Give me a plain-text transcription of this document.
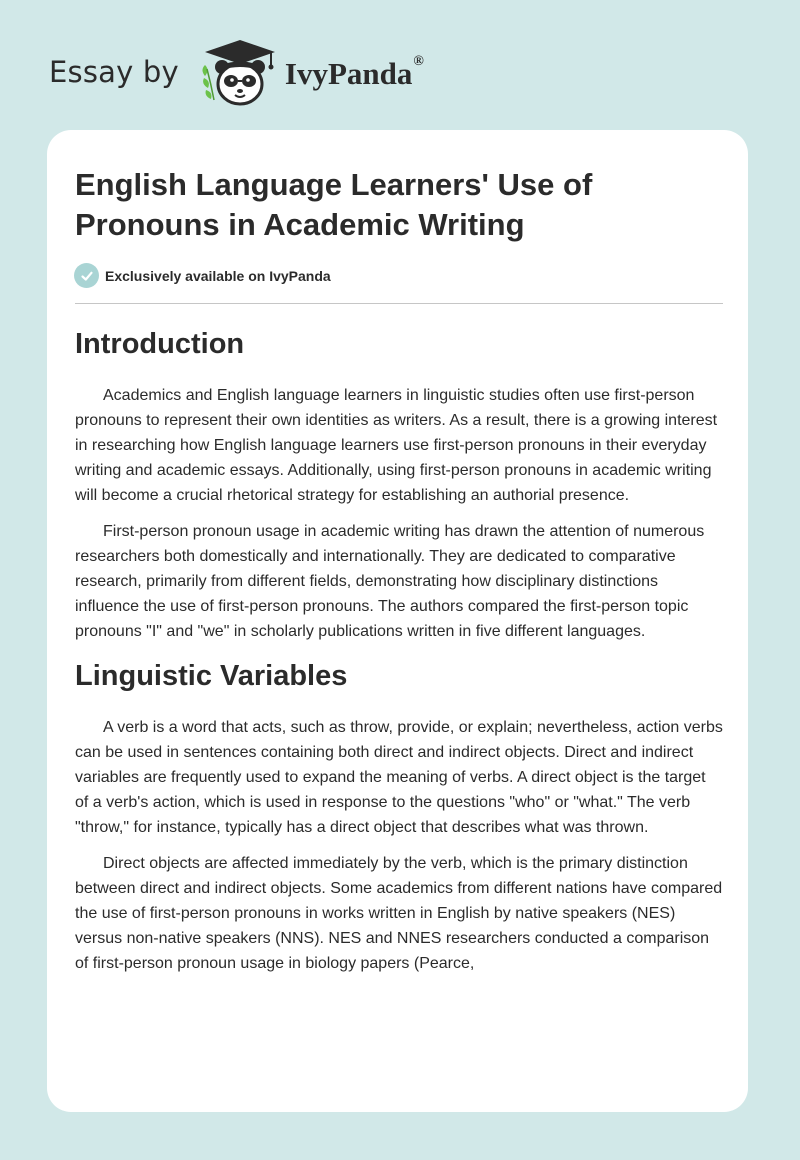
Essay by	IvyPanda®
English Language Learners' Use of Pronouns in Academic Writing
Exclusively available on IvyPanda
Introduction

Academics and English language learners in linguistic studies often use first-person pronouns to represent their own identities as writers. As a result, there is a growing interest in researching how English language learners use first-person pronouns in their everyday writing and academic essays. Additionally, using first-person pronouns in academic writing will become a crucial rhetorical strategy for establishing an authorial presence.

First-person pronoun usage in academic writing has drawn the attention of numerous researchers both domestically and internationally. They are dedicated to comparative research, primarily from different fields, demonstrating how disciplinary distinctions influence the use of first-person pronouns. The authors compared the first-person topic pronouns "I" and "we" in scholarly publications written in five different languages.

Linguistic Variables

A verb is a word that acts, such as throw, provide, or explain; nevertheless, action verbs can be used in sentences containing both direct and indirect objects. Direct and indirect variables are frequently used to expand the meaning of verbs. A direct object is the target of a verb's action, which is used in response to the questions "who" or "what." The verb "throw," for instance, typically has a direct object that describes what was thrown.

Direct objects are affected immediately by the verb, which is the primary distinction between direct and indirect objects. Some academics from different nations have compared the use of first-person pronouns in works written in English by native speakers (NES) versus non-native speakers (NNS). NES and NNES researchers conducted a comparison of first-person pronoun usage in biology papers (Pearce,
